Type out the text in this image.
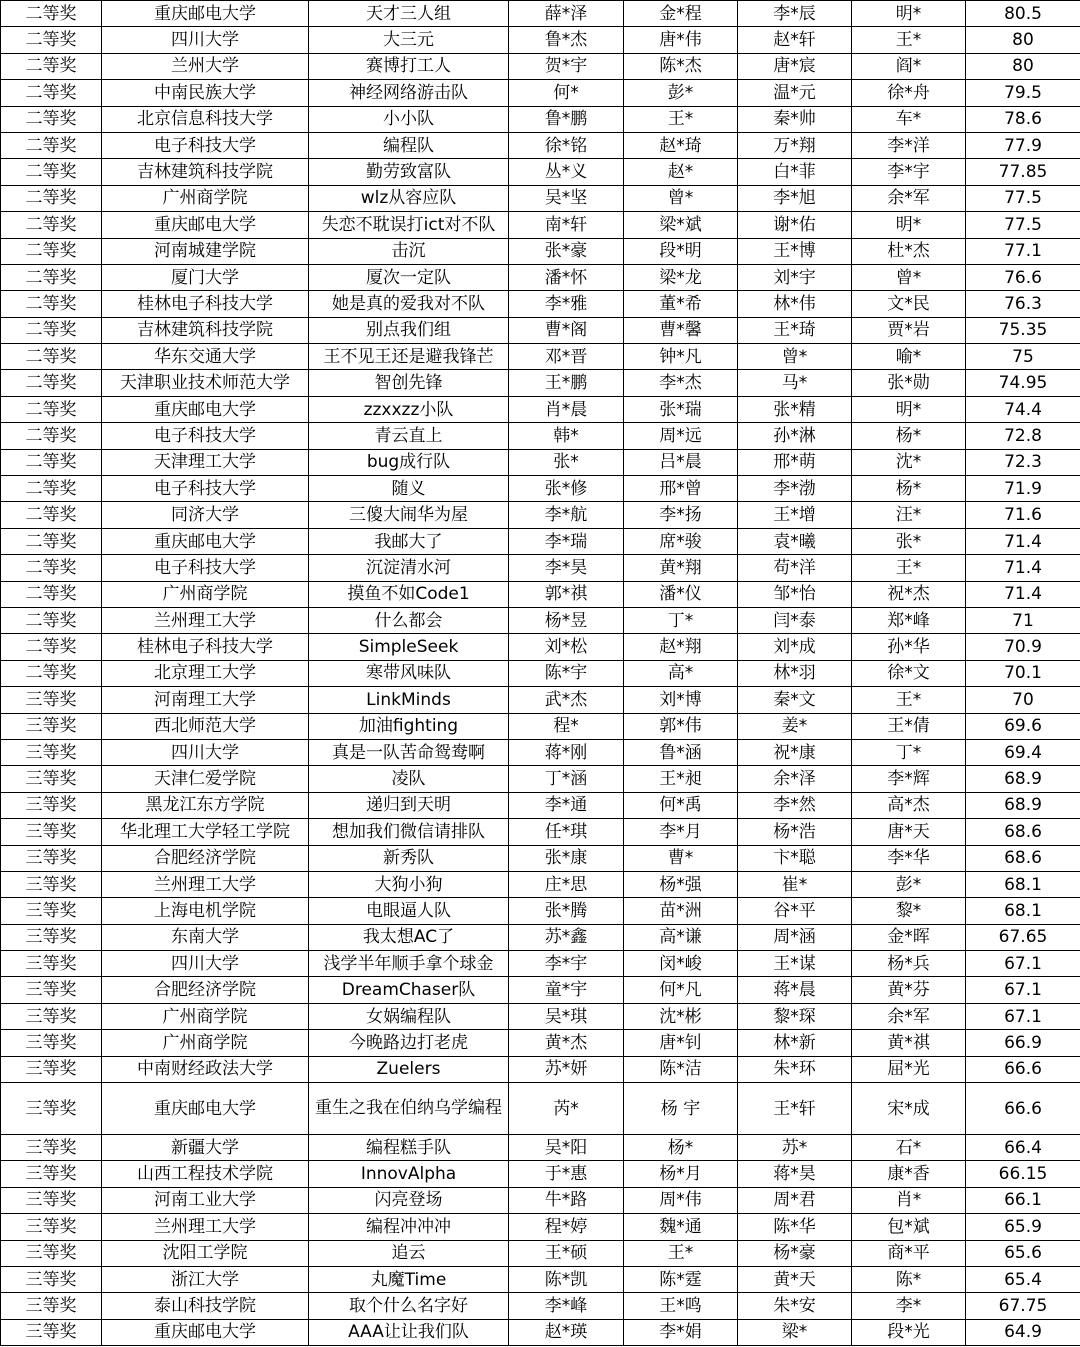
二等奖	重庆邮电大学	天才三人组	薛*泽	金*程	李*辰	明*	80.5
二等奖	四川大学	大三元	鲁*杰	唐*伟	赵*轩	王*	80
二等奖	兰州大学	赛博打工人	贺*宇	陈*杰	唐*宸	阎*	80
二等奖	中南民族大学	神经网络游击队	何*	彭*	温*元	徐*舟	79.5
二等奖	北京信息科技大学	小小队	鲁*鹏	王*	秦*帅	车*	78.6
二等奖	电子科技大学	编程队	徐*铭	赵*琦	万*翔	李*洋	77.9
二等奖	吉林建筑科技学院	勤劳致富队	丛*义	赵*	白*菲	李*宇	77.85
二等奖	广州商学院	wlz从容应队	吴*坚	曾*	李*旭	余*军	77.5
二等奖	重庆邮电大学	失恋不耽误打ict对不队	南*轩	梁*斌	谢*佑	明*	77.5
二等奖	河南城建学院	击沉	张*豪	段*明	王*博	杜*杰	77.1
二等奖	厦门大学	厦次一定队	潘*怀	梁*龙	刘*宇	曾*	76.6
二等奖	桂林电子科技大学	她是真的爱我对不队	李*雅	董*希	林*伟	文*民	76.3
二等奖	吉林建筑科技学院	别点我们组	曹*阁	曹*馨	王*琦	贾*岩	75.35
二等奖	华东交通大学	王不见王还是避我锋芒	邓*晋	钟*凡	曾*	喻*	75
二等奖	天津职业技术师范大学	智创先锋	王*鹏	李*杰	马*	张*勋	74.95
二等奖	重庆邮电大学	zzxxzz小队	肖*晨	张*瑞	张*精	明*	74.4
二等奖	电子科技大学	青云直上	韩*	周*远	孙*淋	杨*	72.8
二等奖	天津理工大学	bug成行队	张*	吕*晨	邢*萌	沈*	72.3
二等奖	电子科技大学	随义	张*修	邢*曾	李*渤	杨*	71.9
二等奖	同济大学	三傻大闹华为屋	李*航	李*扬	王*增	汪*	71.6
二等奖	重庆邮电大学	我邮大了	李*瑞	席*骏	袁*曦	张*	71.4
二等奖	电子科技大学	沉淀清水河	李*昊	黄*翔	苟*洋	王*	71.4
二等奖	广州商学院	摸鱼不如Code1	郭*祺	潘*仪	邹*怡	祝*杰	71.4
二等奖	兰州理工大学	什么都会	杨*昱	丁*	闫*泰	郑*峰	71
二等奖	桂林电子科技大学	SimpleSeek	刘*松	赵*翔	刘*成	孙*华	70.9
二等奖	北京理工大学	寒带风味队	陈*宇	高*	林*羽	徐*文	70.1
三等奖	河南理工大学	LinkMinds	武*杰	刘*博	秦*文	王*	70
三等奖	西北师范大学	加油fighting	程*	郭*伟	姜*	王*倩	69.6
三等奖	四川大学	真是一队苦命鸳鸯啊	蒋*刚	鲁*涵	祝*康	丁*	69.4
三等奖	天津仁爱学院	凌队	丁*涵	王*昶	余*泽	李*辉	68.9
三等奖	黑龙江东方学院	递归到天明	李*通	何*禹	李*然	高*杰	68.9
三等奖	华北理工大学轻工学院	想加我们微信请排队	任*琪	李*月	杨*浩	唐*天	68.6
三等奖	合肥经济学院	新秀队	张*康	曹*	卞*聪	李*华	68.6
三等奖	兰州理工大学	大狗小狗	庄*思	杨*强	崔*	彭*	68.1
三等奖	上海电机学院	电眼逼人队	张*腾	苗*洲	谷*平	黎*	68.1
三等奖	东南大学	我太想AC了	苏*鑫	高*谦	周*涵	金*晖	67.65
三等奖	四川大学	浅学半年顺手拿个球金	李*宇	闵*峻	王*谋	杨*兵	67.1
三等奖	合肥经济学院	DreamChaser队	童*宇	何*凡	蒋*晨	黄*芬	67.1
三等奖	广州商学院	女娲编程队	吴*琪	沈*彬	黎*琛	余*军	67.1
三等奖	广州商学院	今晚路边打老虎	黄*杰	唐*钊	林*新	黄*祺	66.9
三等奖	中南财经政法大学	Zuelers	苏*妍	陈*洁	朱*环	屈*光	66.6
三等奖	重庆邮电大学	重生之我在伯纳乌学编程	芮*	杨 宇	王*轩	宋*成	66.6
三等奖	新疆大学	编程糕手队	吴*阳	杨*	苏*	石*	66.4
三等奖	山西工程技术学院	InnovAlpha	于*惠	杨*月	蒋*昊	康*香	66.15
三等奖	河南工业大学	闪亮登场	牛*路	周*伟	周*君	肖*	66.1
三等奖	兰州理工大学	编程冲冲冲	程*婷	魏*通	陈*华	包*斌	65.9
三等奖	沈阳工学院	追云	王*硕	王*	杨*豪	商*平	65.6
三等奖	浙江大学	丸魔Time	陈*凯	陈*霆	黄*天	陈*	65.4
三等奖	泰山科技学院	取个什么名字好	李*峰	王*鸣	朱*安	李*	67.75
三等奖	重庆邮电大学	AAA让让我们队	赵*瑛	李*娟	梁*	段*光	64.9
